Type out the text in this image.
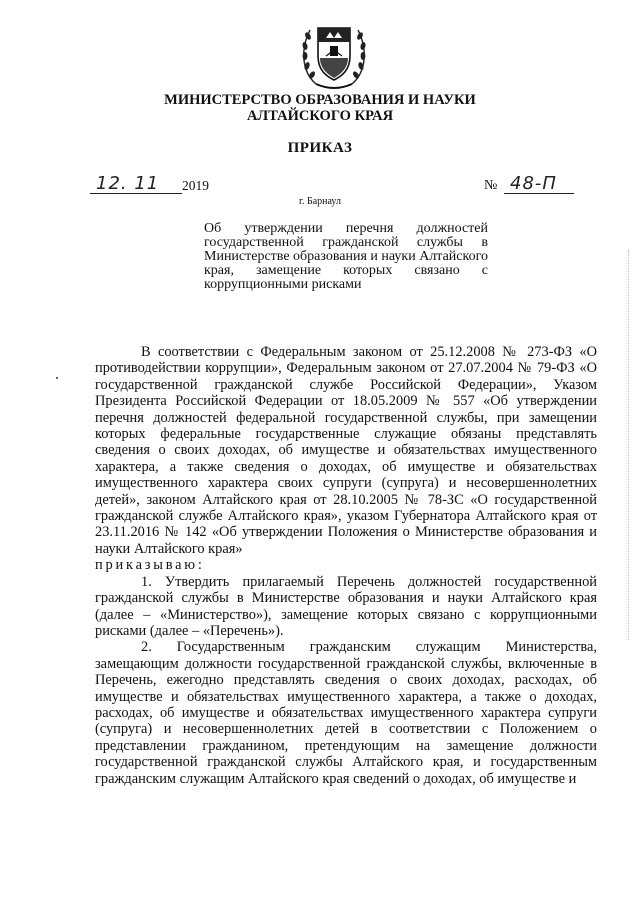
МИНИСТЕРСТВО ОБРАЗОВАНИЯ И НАУКИ
АЛТАЙСКОГО КРАЯ
ПРИКАЗ
12. 11 2019	№ 48-П
г. Барнаул

Об утверждении перечня должностей государственной гражданской службы в Министерстве образования и науки Алтайского края, замещение которых связано с коррупционными рисками

В соответствии с Федеральным законом от 25.12.2008 № 273-ФЗ «О противодействии коррупции», Федеральным законом от 27.07.2004 № 79-ФЗ «О государственной гражданской службе Российской Федерации», Указом Президента Российской Федерации от 18.05.2009 № 557 «Об утверждении перечня должностей федеральной государственной службы, при замещении которых федеральные государственные служащие обязаны представлять сведения о своих доходах, об имуществе и обязательствах имущественного характера, а также сведения о доходах, об имуществе и обязательствах имущественного характера своих супруги (супруга) и несовершеннолетних детей», законом Алтайского края от 28.10.2005 № 78-ЗС «О государственной гражданской службе Алтайского края», указом Губернатора Алтайского края от 23.11.2016 № 142 «Об утверждении Положения о Министерстве образования и науки Алтайского края»

приказываю:

1. Утвердить прилагаемый Перечень должностей государственной гражданской службы в Министерстве образования и науки Алтайского края (далее – «Министерство»), замещение которых связано с коррупционными рисками (далее – «Перечень»).

2. Государственным гражданским служащим Министерства, замещающим должности государственной гражданской службы, включенные в Перечень, ежегодно представлять сведения о своих доходах, расходах, об имуществе и обязательствах имущественного характера, а также о доходах, расходах, об имуществе и обязательствах имущественного характера супруги (супруга) и несовершеннолетних детей в соответствии с Положением о представлении гражданином, претендующим на замещение должности государственной гражданской службы Алтайского края, и государственным гражданским служащим Алтайского края сведений о доходах, об имуществе и
